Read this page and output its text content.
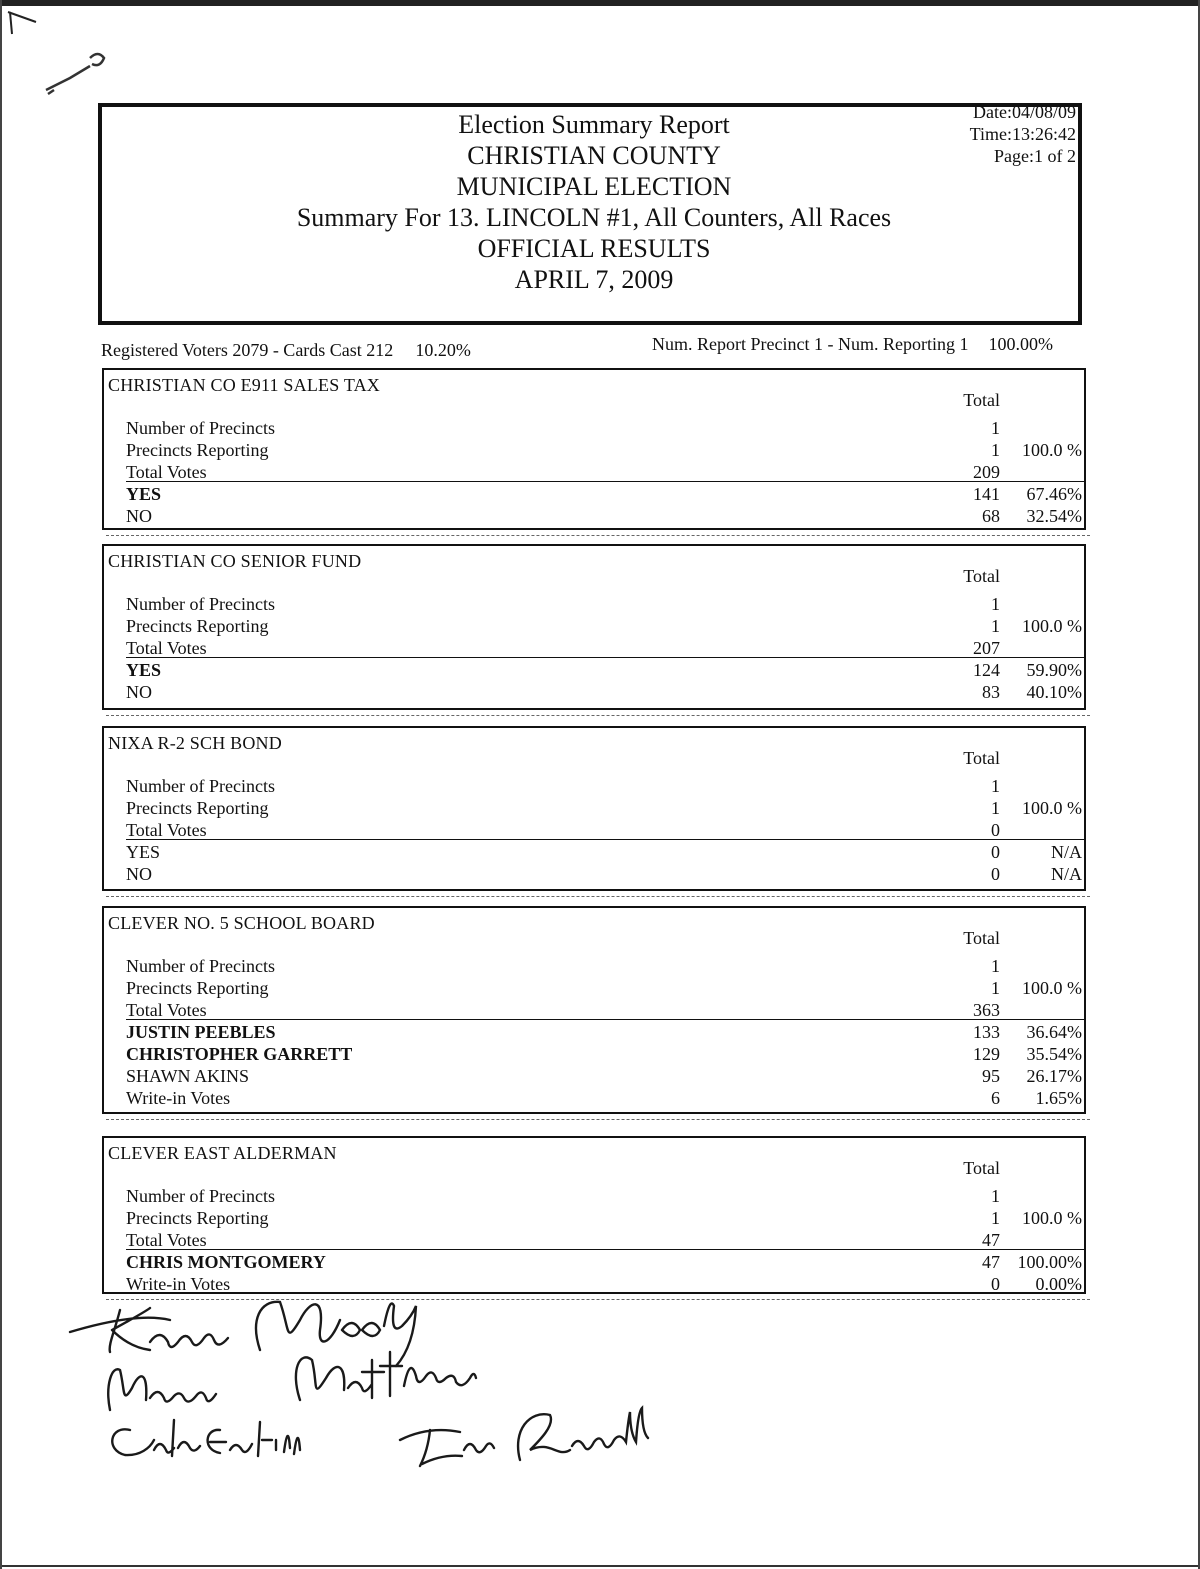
Election Summary Report
CHRISTIAN COUNTY
MUNICIPAL ELECTION
Summary For 13. LINCOLN #1, All Counters, All Races
OFFICIAL RESULTS
APRIL 7, 2009
Date:04/08/09
Time:13:26:42
Page:1 of 2
Registered Voters 2079 - Cards Cast 212 10.20%	Num. Report Precinct 1 - Num. Reporting 1 100.00%
CHRISTIAN CO E911 SALES TAX
Total
Number of Precincts	1
Precincts Reporting	1 100.0 %
Total Votes	209
YES	141 67.46%
NO	68 32.54%
CHRISTIAN CO SENIOR FUND
Total
Number of Precincts	1
Precincts Reporting	1 100.0 %
Total Votes	207
YES	124 59.90%
NO	83 40.10%
NIXA R-2 SCH BOND
Total
Number of Precincts	1
Precincts Reporting	1 100.0 %
Total Votes	0
YES	0	N/A
NO	0	N/A
CLEVER NO. 5 SCHOOL BOARD
Total
Number of Precincts	1
Precincts Reporting	1 100.0 %
Total Votes	363
JUSTIN PEEBLES	133 36.64%
CHRISTOPHER GARRETT	129 35.54%
SHAWN AKINS	95 26.17%
Write-in Votes	6 1.65%
CLEVER EAST ALDERMAN
Total
Number of Precincts	1
Precincts Reporting	1 100.0 %
Total Votes	47
CHRIS MONTGOMERY	47 100.00%
Write-in Votes	0 0.00%
